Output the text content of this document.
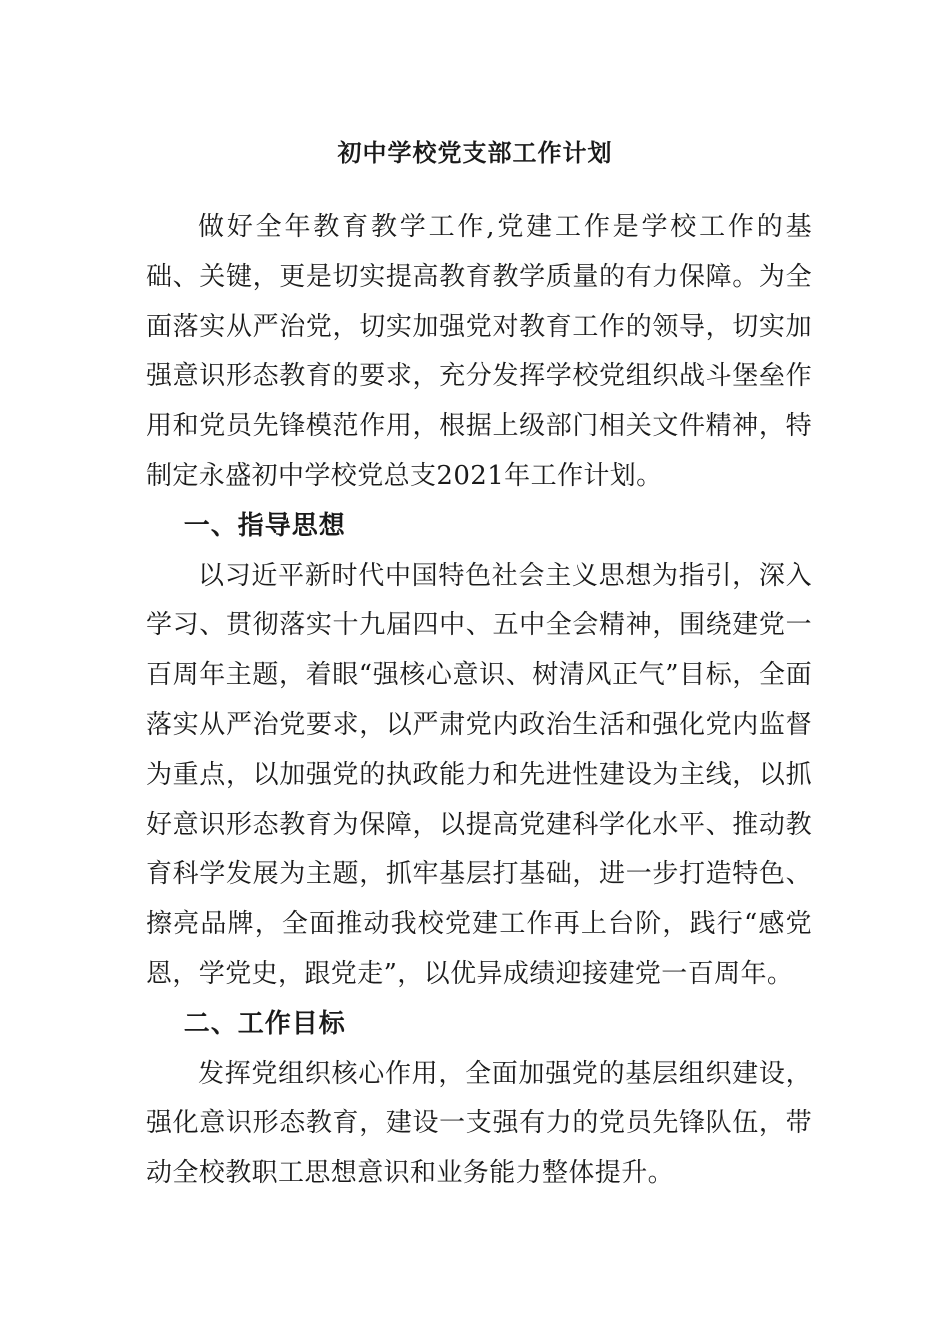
初中学校党支部工作计划

做好全年教育教学工作,党建工作是学校工作的基础、关键，更是切实提高教育教学质量的有力保障。为全面落实从严治党，切实加强党对教育工作的领导，切实加强意识形态教育的要求，充分发挥学校党组织战斗堡垒作用和党员先锋模范作用，根据上级部门相关文件精神，特制定永盛初中学校党总支2021年工作计划。

一、指导思想

以习近平新时代中国特色社会主义思想为指引，深入学习、贯彻落实十九届四中、五中全会精神，围绕建党一百周年主题，着眼“强核心意识、树清风正气”目标，全面落实从严治党要求，以严肃党内政治生活和强化党内监督为重点，以加强党的执政能力和先进性建设为主线，以抓好意识形态教育为保障，以提高党建科学化水平、推动教育科学发展为主题，抓牢基层打基础，进一步打造特色、擦亮品牌，全面推动我校党建工作再上台阶，践行“感党恩，学党史，跟党走”，以优异成绩迎接建党一百周年。

二、工作目标

发挥党组织核心作用，全面加强党的基层组织建设，强化意识形态教育，建设一支强有力的党员先锋队伍，带动全校教职工思想意识和业务能力整体提升。
